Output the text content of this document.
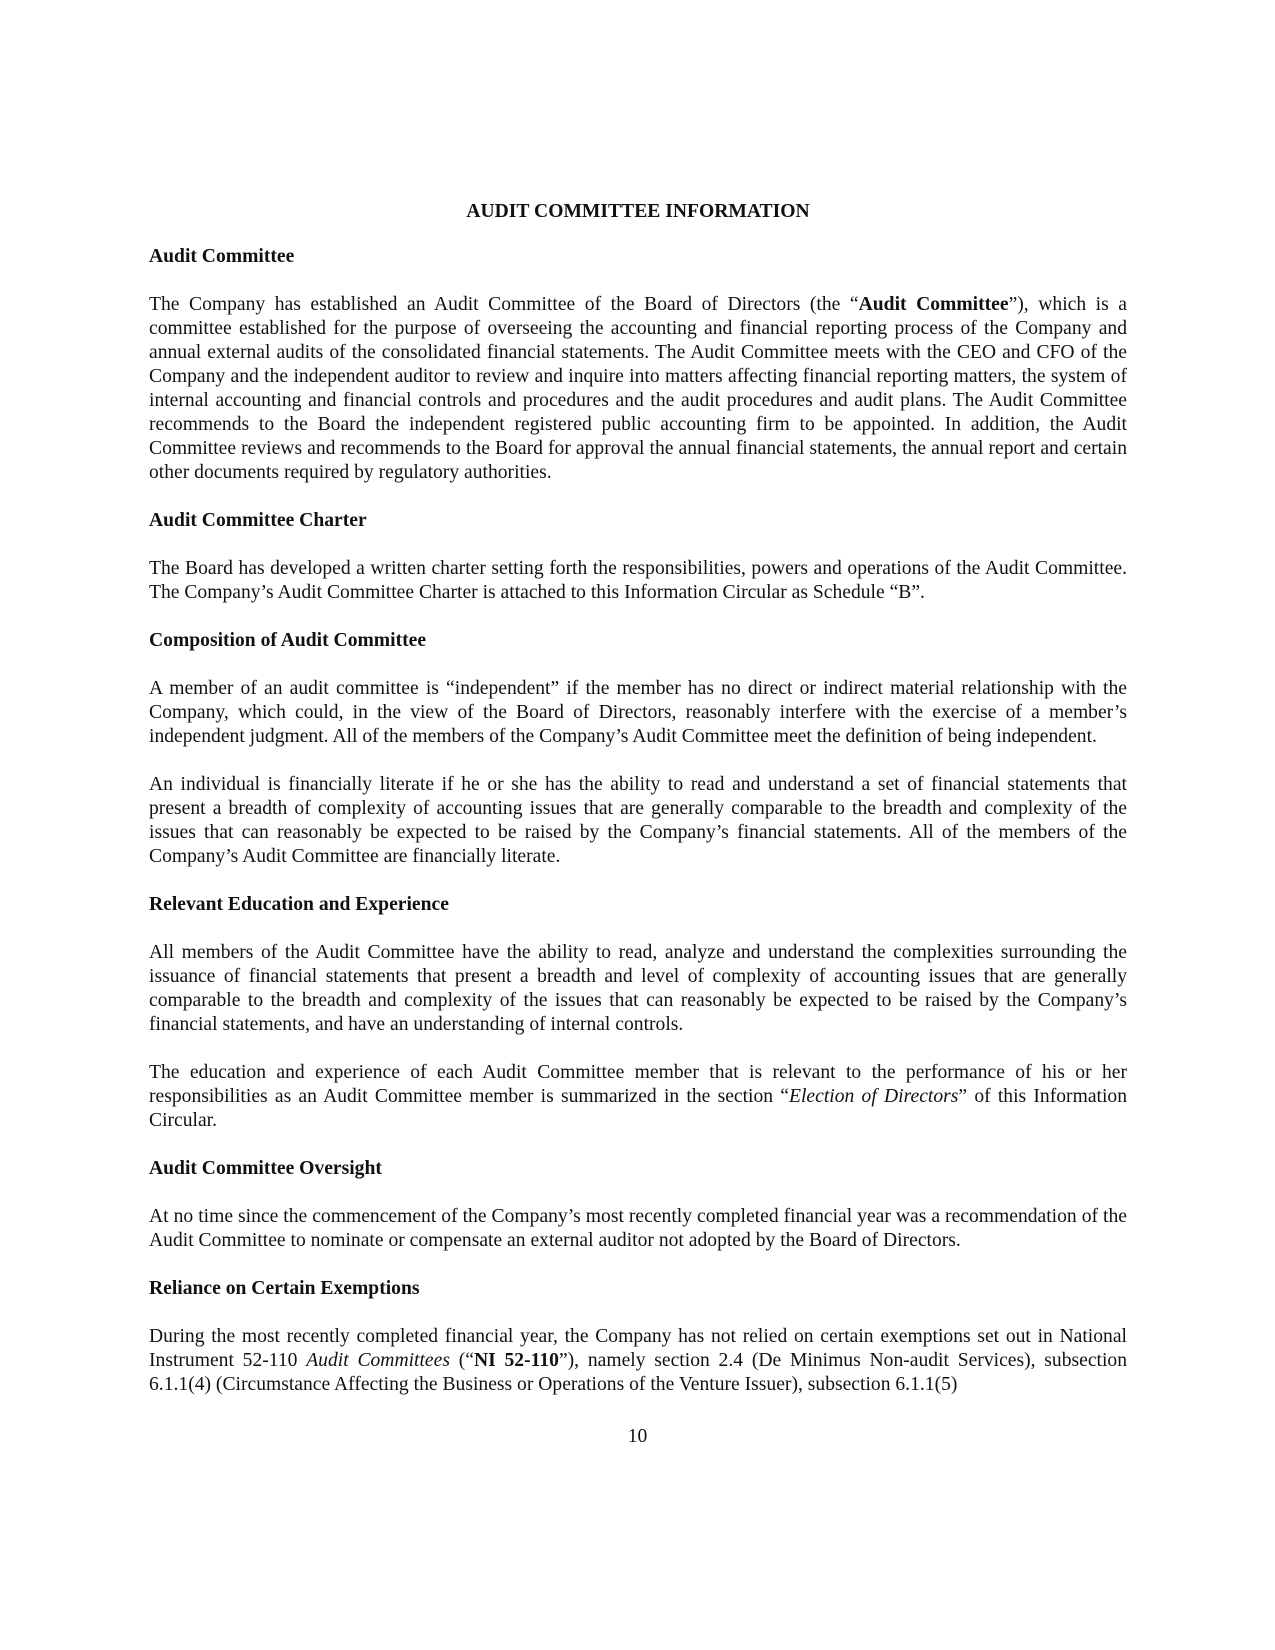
AUDIT COMMITTEE INFORMATION
Audit Committee

The Company has established an Audit Committee of the Board of Directors (the “Audit Committee”), which is a committee established for the purpose of overseeing the accounting and financial reporting process of the Company and annual external audits of the consolidated financial statements. The Audit Committee meets with the CEO and CFO of the Company and the independent auditor to review and inquire into matters affecting financial reporting matters, the system of internal accounting and financial controls and procedures and the audit procedures and audit plans. The Audit Committee recommends to the Board the independent registered public accounting firm to be appointed. In addition, the Audit Committee reviews and recommends to the Board for approval the annual financial statements, the annual report and certain other documents required by regulatory authorities.

Audit Committee Charter

The Board has developed a written charter setting forth the responsibilities, powers and operations of the Audit Committee. The Company’s Audit Committee Charter is attached to this Information Circular as Schedule “B”.

Composition of Audit Committee

A member of an audit committee is “independent” if the member has no direct or indirect material relationship with the Company, which could, in the view of the Board of Directors, reasonably interfere with the exercise of a member’s independent judgment. All of the members of the Company’s Audit Committee meet the definition of being independent.

An individual is financially literate if he or she has the ability to read and understand a set of financial statements that present a breadth of complexity of accounting issues that are generally comparable to the breadth and complexity of the issues that can reasonably be expected to be raised by the Company’s financial statements. All of the members of the Company’s Audit Committee are financially literate.

Relevant Education and Experience

All members of the Audit Committee have the ability to read, analyze and understand the complexities surrounding the issuance of financial statements that present a breadth and level of complexity of accounting issues that are generally comparable to the breadth and complexity of the issues that can reasonably be expected to be raised by the Company’s financial statements, and have an understanding of internal controls.

The education and experience of each Audit Committee member that is relevant to the performance of his or her responsibilities as an Audit Committee member is summarized in the section “Election of Directors” of this Information Circular.

Audit Committee Oversight

At no time since the commencement of the Company’s most recently completed financial year was a recommendation of the Audit Committee to nominate or compensate an external auditor not adopted by the Board of Directors.

Reliance on Certain Exemptions

During the most recently completed financial year, the Company has not relied on certain exemptions set out in National Instrument 52-110 Audit Committees (“NI 52-110”), namely section 2.4 (De Minimus Non-audit Services), subsection 6.1.1(4) (Circumstance Affecting the Business or Operations of the Venture Issuer), subsection 6.1.1(5)

10
